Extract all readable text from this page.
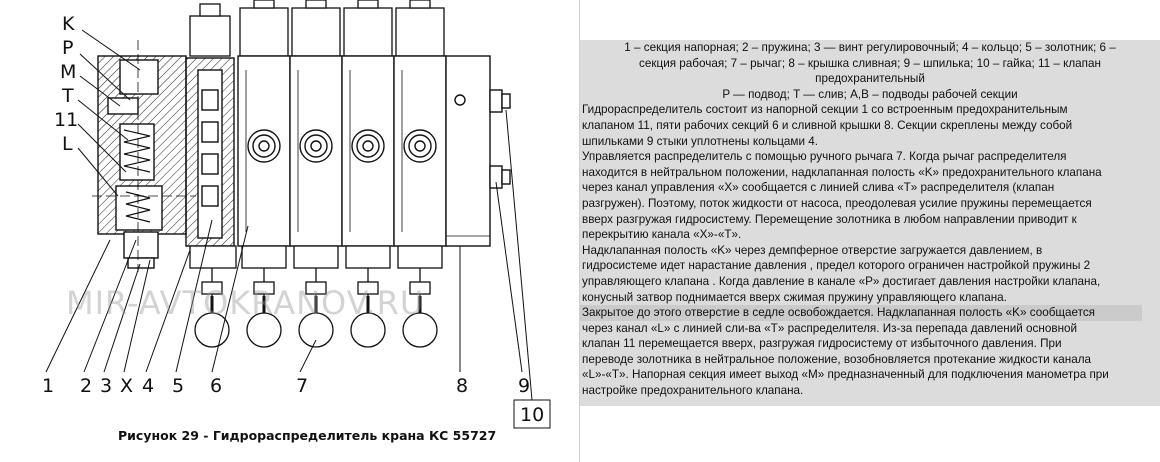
K
P
M
T
11
L
1 2 3 X 4 5 6	7	8	9
10
MIR-AVTOKRANOV.RU
Рисунок 29 - Гидрораспределитель крана КС 55727
1 – секция напорная; 2 – пружина; 3 — винт регулировочный; 4 – кольцо; 5 – золотник; 6 –
секция рабочая; 7 – рычаг; 8 – крышка сливная; 9 – шпилька; 10 – гайка; 11 – клапан
предохранительный
P — подвод; T — слив; А,В – подводы рабочей секции
Гидрораспределитель состоит из напорной секции 1 со встроенным предохранительным
клапаном 11, пяти рабочих секций 6 и сливной крышки 8. Секции скреплены между собой
шпильками 9 стыки уплотнены кольцами 4.
Управляется распределитель с помощью ручного рычага 7. Когда рычаг распределителя
находится в нейтральном положении, надклапанная полость «K» предохранительного клапана
через канал управления «X» сообщается с линией слива «T» распределителя (клапан
разгружен). Поэтому, поток жидкости от насоса, преодолевая усилие пружины перемещается
вверх разгружая гидросистему. Перемещение золотника в любом направлении приводит к
перекрытию канала «X»-«T».
Надклапанная полость «K» через демпферное отверстие загружается давлением, в
гидросистеме идет нарастание давления , предел которого ограничен настройкой пружины 2
управляющего клапана . Когда давление в канале «P» достигает давления настройки клапана,
конусный затвор поднимается вверх сжимая пружину управляющего клапана.
Закрытое до этого отверстие в седле освобождается. Надклапанная полость «K» сообщается
через канал «L» с линией сли-ва «T» распределителя. Из-за перепада давлений основной
клапан 11 перемещается вверх, разгружая гидросистему от избыточного давления. При
переводе золотника в нейтральное положение, возобновляется протекание жидкости канала
«L»-«T». Напорная секция имеет выход «M» предназначенный для подключения манометра при
настройке предохранительного клапана.
